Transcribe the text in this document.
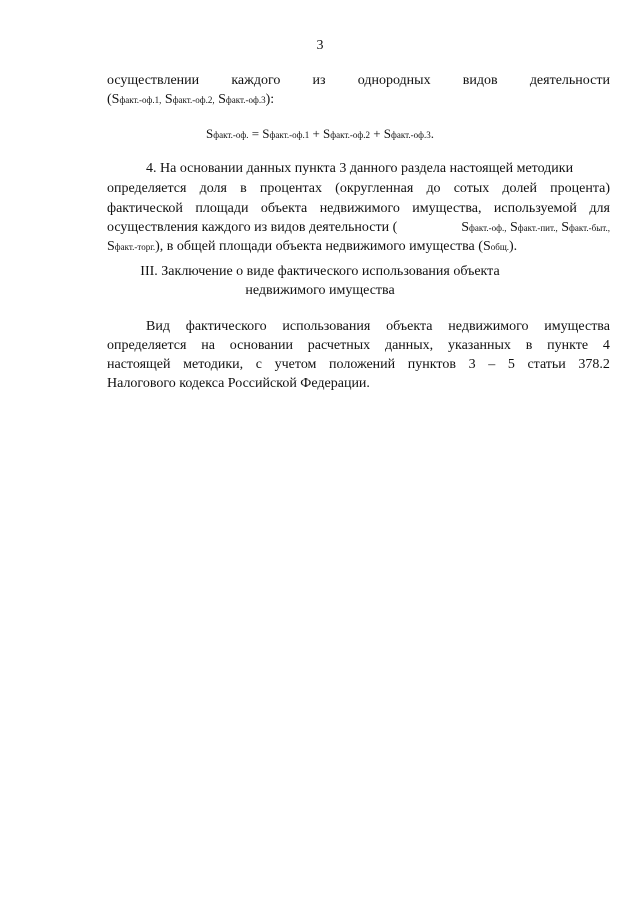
3
осуществлении каждого из однородных видов деятельности
(Sфакт.-оф.1, Sфакт.-оф.2, Sфакт.-оф.3):
Sфакт.-оф. = Sфакт.-оф.1 + Sфакт.-оф.2 + Sфакт.-оф.3.
4. На основании данных пункта 3 данного раздела настоящей методики
определяется доля в процентах (округленная до сотых долей процента)
фактической площади объекта недвижимого имущества, используемой для
осуществления каждого из видов деятельности (	Sфакт.-оф., Sфакт.-пит., Sфакт.-быт.,
Sфакт.-торг.), в общей площади объекта недвижимого имущества (Sобщ.).
III. Заключение о виде фактического использования объекта
недвижимого имущества
Вид фактического использования объекта недвижимого имущества
определяется на основании расчетных данных, указанных в пункте 4
настоящей методики, с учетом положений пунктов 3 – 5 статьи 378.2
Налогового кодекса Российской Федерации.
